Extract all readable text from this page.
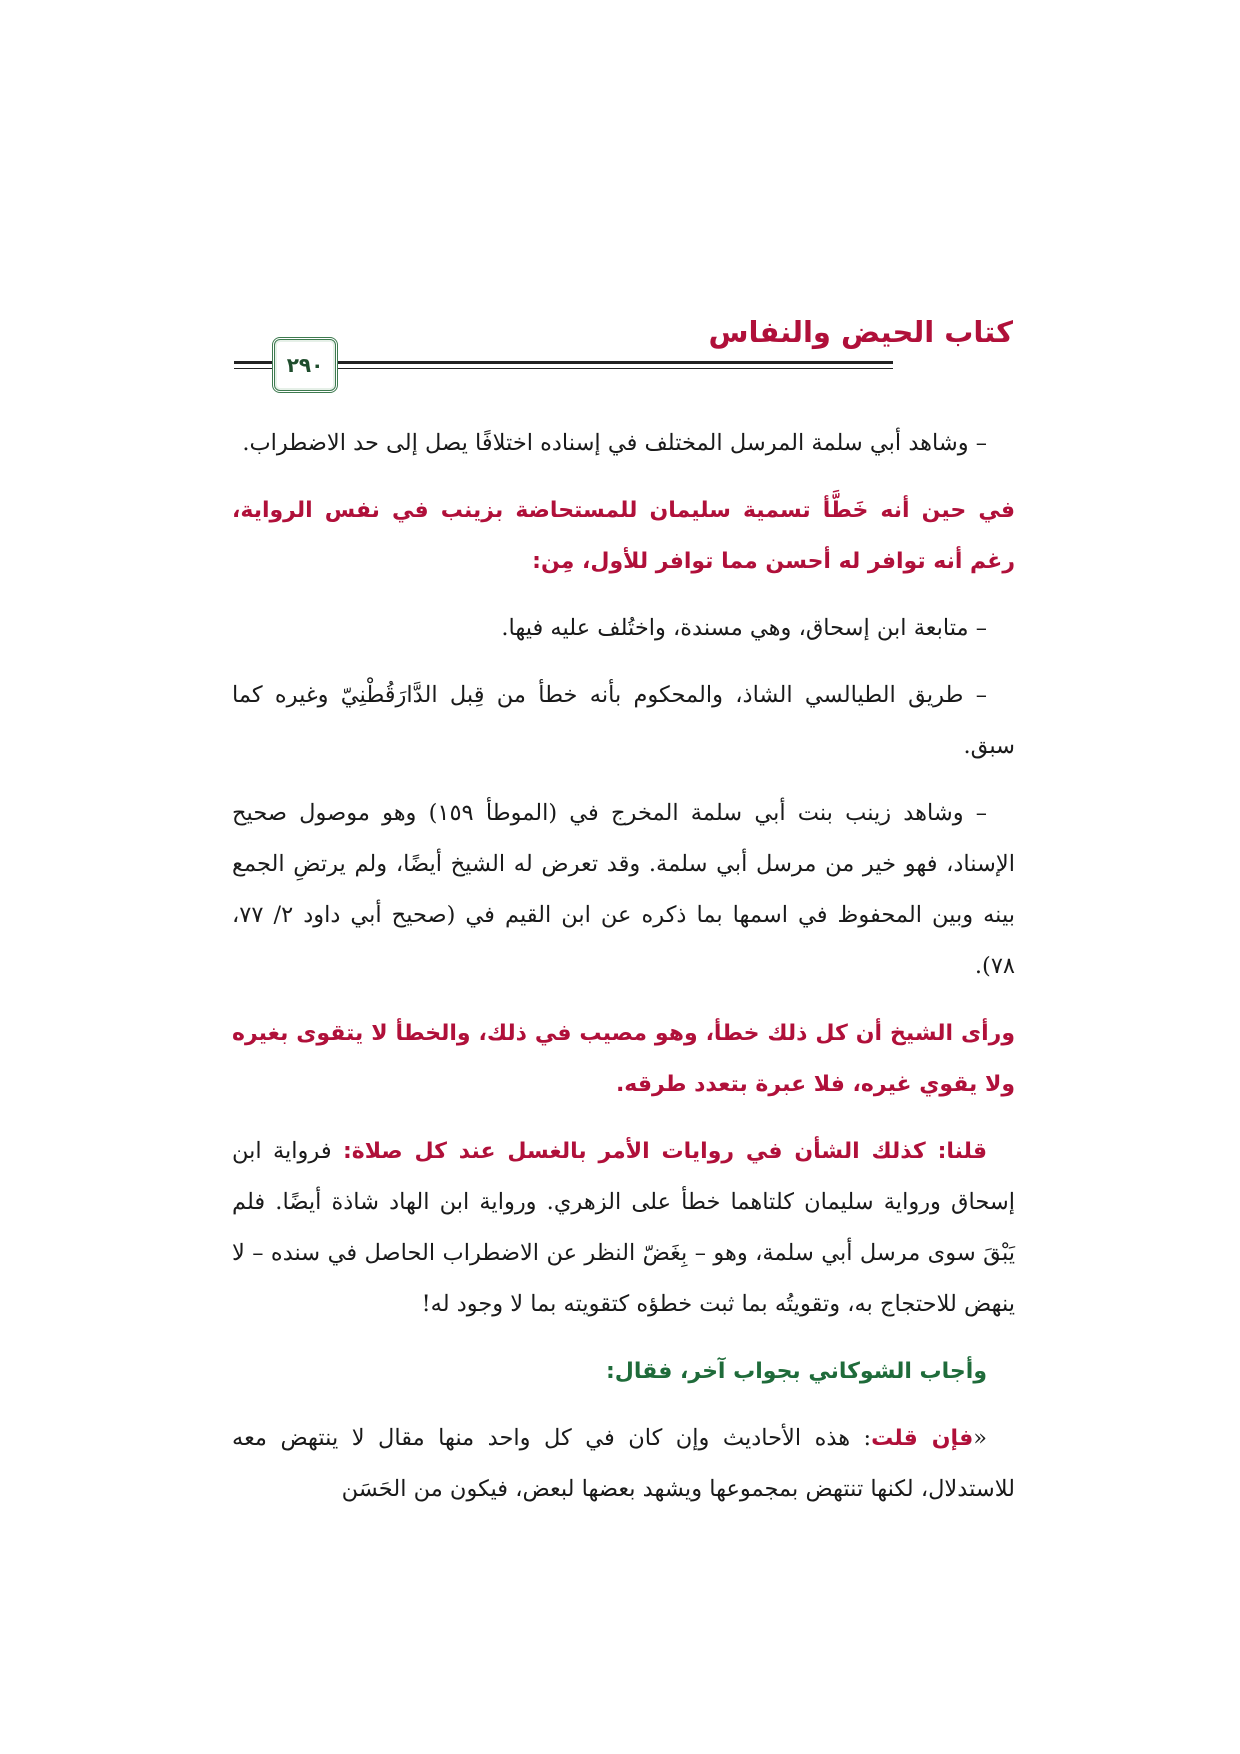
كتاب الحيض والنفاس
٢٩٠

– وشاهد أبي سلمة المرسل المختلف في إسناده اختلافًا يصل إلى حد الاضطراب.

في حين أنه خَطَّأ تسمية سليمان للمستحاضة بزينب في نفس الرواية، رغم أنه توافر له أحسن مما توافر للأول، مِن:

– متابعة ابن إسحاق، وهي مسندة، واختُلف عليه فيها.

– طريق الطيالسي الشاذ، والمحكوم بأنه خطأ من قِبل الدَّارَقُطْنِيّ وغيره كما سبق.

– وشاهد زينب بنت أبي سلمة المخرج في (الموطأ ١٥٩) وهو موصول صحيح الإسناد، فهو خير من مرسل أبي سلمة. وقد تعرض له الشيخ أيضًا، ولم يرتضِ الجمع بينه وبين المحفوظ في اسمها بما ذكره عن ابن القيم في (صحيح أبي داود ٢/ ٧٧، ٧٨).

ورأى الشيخ أن كل ذلك خطأ، وهو مصيب في ذلك، والخطأ لا يتقوى بغيره ولا يقوي غيره، فلا عبرة بتعدد طرقه.

قلنا: كذلك الشأن في روايات الأمر بالغسل عند كل صلاة: فرواية ابن إسحاق ورواية سليمان كلتاهما خطأ على الزهري. ورواية ابن الهاد شاذة أيضًا. فلم يَبْقَ سوى مرسل أبي سلمة، وهو – بِغَضّ النظر عن الاضطراب الحاصل في سنده – لا ينهض للاحتجاج به، وتقويتُه بما ثبت خطؤه كتقويته بما لا وجود له!

وأجاب الشوكاني بجواب آخر، فقال:

«فإن قلت: هذه الأحاديث وإن كان في كل واحد منها مقال لا ينتهض معه للاستدلال، لكنها تنتهض بمجموعها ويشهد بعضها لبعض، فيكون من الحَسَن
